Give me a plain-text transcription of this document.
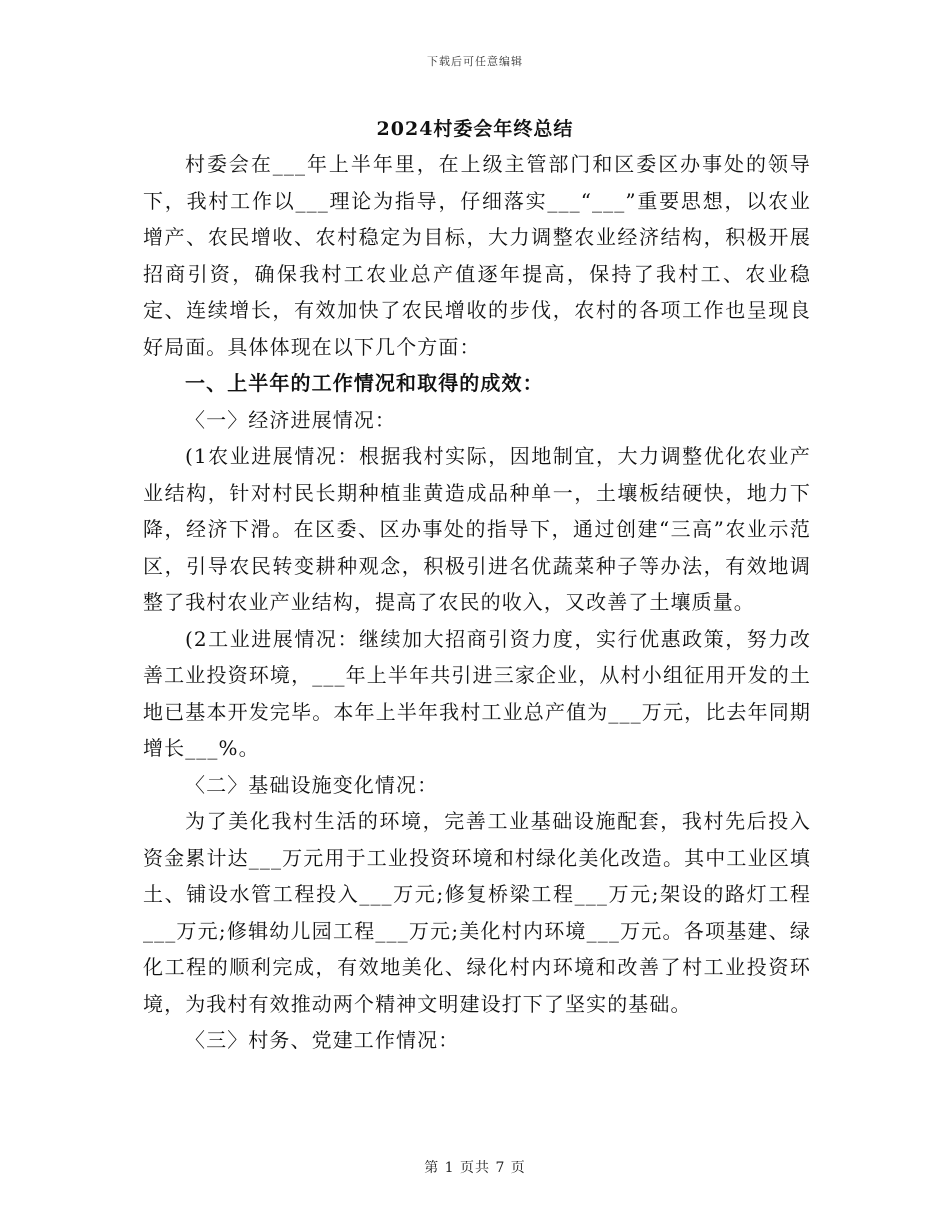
下载后可任意编辑
2024村委会年终总结

村委会在___年上半年里，在上级主管部门和区委区办事处的领导下，我村工作以___理论为指导，仔细落实___“___”重要思想，以农业增产、农民增收、农村稳定为目标，大力调整农业经济结构，积极开展招商引资，确保我村工农业总产值逐年提高，保持了我村工、农业稳定、连续增长，有效加快了农民增收的步伐，农村的各项工作也呈现良好局面。具体体现在以下几个方面：

一、上半年的工作情况和取得的成效：

〈一〉经济进展情况：

(1农业进展情况：根据我村实际，因地制宜，大力调整优化农业产业结构，针对村民长期种植韭黄造成品种单一，土壤板结硬快，地力下降，经济下滑。在区委、区办事处的指导下，通过创建“三高”农业示范区，引导农民转变耕种观念，积极引进名优蔬菜种子等办法，有效地调整了我村农业产业结构，提高了农民的收入，又改善了土壤质量。

(2工业进展情况：继续加大招商引资力度，实行优惠政策，努力改善工业投资环境，___年上半年共引进三家企业，从村小组征用开发的土地已基本开发完毕。本年上半年我村工业总产值为___万元，比去年同期增长___%。

〈二〉基础设施变化情况：

为了美化我村生活的环境，完善工业基础设施配套，我村先后投入资金累计达___万元用于工业投资环境和村绿化美化改造。其中工业区填土、铺设水管工程投入___万元;修复桥梁工程___万元;架设的路灯工程___万元;修辑幼儿园工程___万元;美化村内环境___万元。各项基建、绿化工程的顺利完成，有效地美化、绿化村内环境和改善了村工业投资环境，为我村有效推动两个精神文明建设打下了坚实的基础。

〈三〉村务、党建工作情况：

第 1 页共 7 页
